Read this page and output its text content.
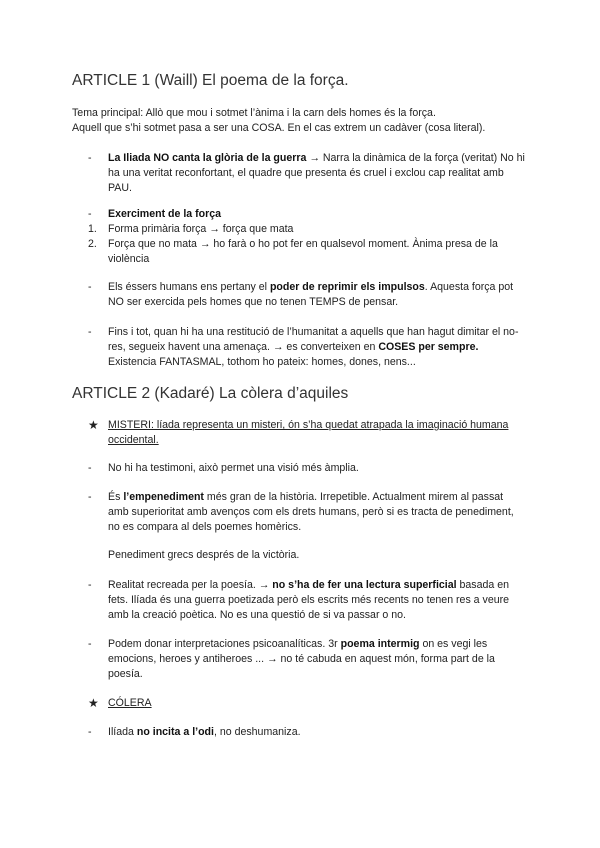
ARTICLE 1 (Waill) El poema de la força.

Tema principal: Allò que mou i sotmet l’ànima i la carn dels homes és la força.

Aquell que s’hi sotmet pasa a ser una COSA. En el cas extrem un cadàver (cosa literal).

- La Iliada NO canta la glòria de la guerra → Narra la dinàmica de la força (veritat) No hi ha una veritat reconfortant, el quadre que presenta és cruel i exclou cap realitat amb PAU.
- Exerciment de la força
1. Forma primària força → força que mata
2. Força que no mata → ho farà o ho pot fer en qualsevol moment. Ànima presa de la violència
- Els éssers humans ens pertany el poder de reprimir els impulsos. Aquesta força pot NO ser exercida pels homes que no tenen TEMPS de pensar.
- Fins i tot, quan hi ha una restitució de l’humanitat a aquells que han hagut dimitar el no-res, segueix havent una amenaça. → es converteixen en COSES per sempre. Existencia FANTASMAL, tothom ho pateix: homes, dones, nens...
ARTICLE 2 (Kadaré) La còlera d’aquiles
★ MISTERI: líada representa un misteri, ón s’ha quedat atrapada la imaginació humana occidental.
- No hi ha testimoni, això permet una visió més àmplia.
- És l’empenediment més gran de la història. Irrepetible. Actualment mirem al passat amb superioritat amb avenços com els drets humans, però si es tracta de penediment, no es compara al dels poemes homèrics.

Penediment grecs després de la victòria.

- Realitat recreada per la poesía. → no s’ha de fer una lectura superficial basada en fets. Ilíada és una guerra poetizada però els escrits més recents no tenen res a veure amb la creació poètica. No es una questió de si va passar o no.
- Podem donar interpretaciones psicoanalíticas. 3r poema intermig on es vegi les emocions, heroes y antiheroes ... → no té cabuda en aquest món, forma part de la poesía.
★ CÓLERA
- Ilíada no incita a l’odi, no deshumaniza.
